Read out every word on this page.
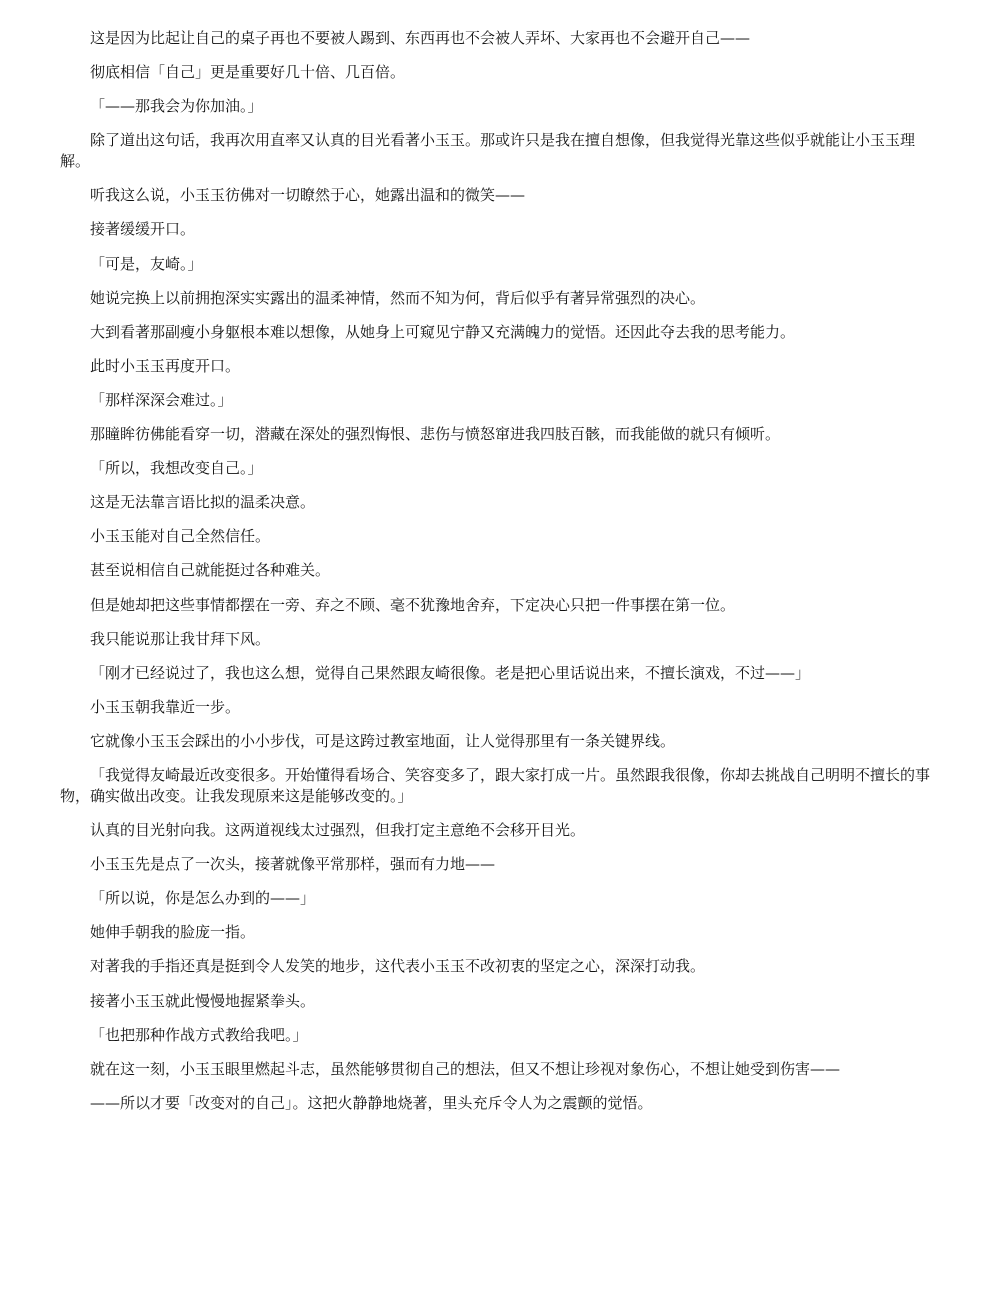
这是因为比起让自己的桌子再也不要被人踢到、东西再也不会被人弄坏、大家再也不会避开自己——

彻底相信「自己」更是重要好几十倍、几百倍。

「——那我会为你加油。」

除了道出这句话，我再次用直率又认真的目光看著小玉玉。那或许只是我在擅自想像，但我觉得光靠这些似乎就能让小玉玉理解。

听我这么说，小玉玉彷佛对一切瞭然于心，她露出温和的微笑——

接著缓缓开口。

「可是，友崎。」

她说完换上以前拥抱深实实露出的温柔神情，然而不知为何，背后似乎有著异常强烈的决心。

大到看著那副瘦小身躯根本难以想像，从她身上可窥见宁静又充满魄力的觉悟。还因此夺去我的思考能力。

此时小玉玉再度开口。

「那样深深会难过。」

那瞳眸彷佛能看穿一切，潜藏在深处的强烈悔恨、悲伤与愤怒窜进我四肢百骸，而我能做的就只有倾听。

「所以，我想改变自己。」

这是无法靠言语比拟的温柔决意。

小玉玉能对自己全然信任。

甚至说相信自己就能挺过各种难关。

但是她却把这些事情都摆在一旁、弃之不顾、毫不犹豫地舍弃，下定决心只把一件事摆在第一位。

我只能说那让我甘拜下风。

「刚才已经说过了，我也这么想，觉得自己果然跟友崎很像。老是把心里话说出来，不擅长演戏，不过——」

小玉玉朝我靠近一步。

它就像小玉玉会踩出的小小步伐，可是这跨过教室地面，让人觉得那里有一条关键界线。

「我觉得友崎最近改变很多。开始懂得看场合、笑容变多了，跟大家打成一片。虽然跟我很像，你却去挑战自己明明不擅长的事物，确实做出改变。让我发现原来这是能够改变的。」

认真的目光射向我。这两道视线太过强烈，但我打定主意绝不会移开目光。

小玉玉先是点了一次头，接著就像平常那样，强而有力地——

「所以说，你是怎么办到的——」

她伸手朝我的脸庞一指。

对著我的手指还真是挺到令人发笑的地步，这代表小玉玉不改初衷的坚定之心，深深打动我。

接著小玉玉就此慢慢地握紧拳头。

「也把那种作战方式教给我吧。」

就在这一刻，小玉玉眼里燃起斗志，虽然能够贯彻自己的想法，但又不想让珍视对象伤心，不想让她受到伤害——

——所以才要「改变对的自己」。这把火静静地烧著，里头充斥令人为之震颤的觉悟。
